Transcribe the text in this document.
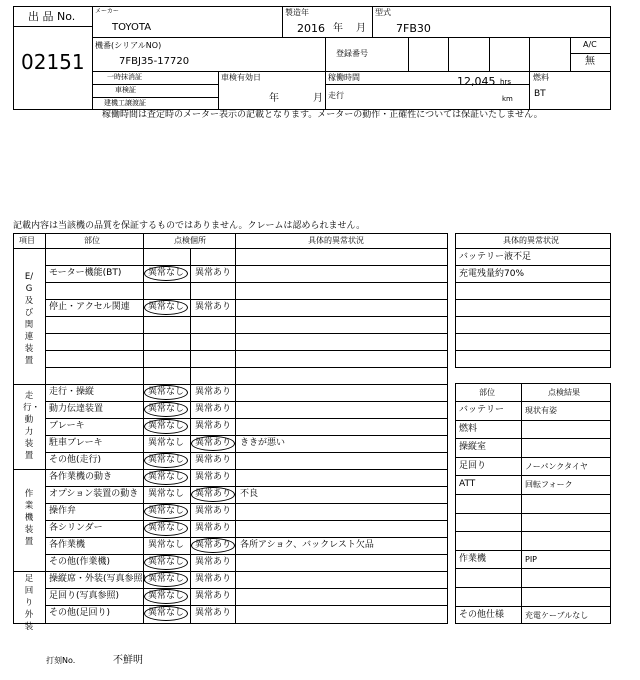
出 品 No.
02151
メーカー
TOYOTA
製造年
2016 年 月
型式
7FB30
機番(シリアルNO)
7FBJ35-17720
登録番号
A/C
無
一時抹消証
車検証
建機工譲渡証
車検有効日
年	月
稼働時間	12,045 hrs
走行	km
燃料
BT
稼働時間は査定時のメーター表示の記載となります。メーターの動作・正確性については保証いたしません。
記載内容は当該機の品質を保証するものではありません。クレームは認められません。
項目	部位	点検個所	具体的異常状況
E/G及び関連装置
走行・動力装置
作業機装置
足回り外装
モーター機能(BT)	異常なし 異常あり
停止・アクセル関連 異常なし 異常あり
走行・操縦	異常なし 異常あり
動力伝達装置	異常なし 異常あり
ブレーキ	異常なし 異常あり
駐車ブレーキ	異常なし 異常あり ききが悪い
その他(走行)	異常なし 異常あり
各作業機の動き	異常なし 異常あり
オプション装置の動き 異常なし 異常あり 不良
操作弁	異常なし 異常あり
各シリンダー	異常なし 異常あり
各作業機	異常なし 異常あり 各所アショク、バックレスト欠品
その他(作業機)	異常なし 異常あり
操縦席・外装(写真参照) 異常なし 異常あり
足回り(写真参照)	異常なし 異常あり
その他(足回り)	異常なし 異常あり
具体的異常状況
バッテリー液不足
充電残量約70%
部位	点検結果
バッテリー	現状有姿
燃料
操縦室
足回り	ノーパンクタイヤ
ATT	回転フォーク
作業機	PIP
その他仕様	充電ケーブルなし
打刻No.	不鮮明
